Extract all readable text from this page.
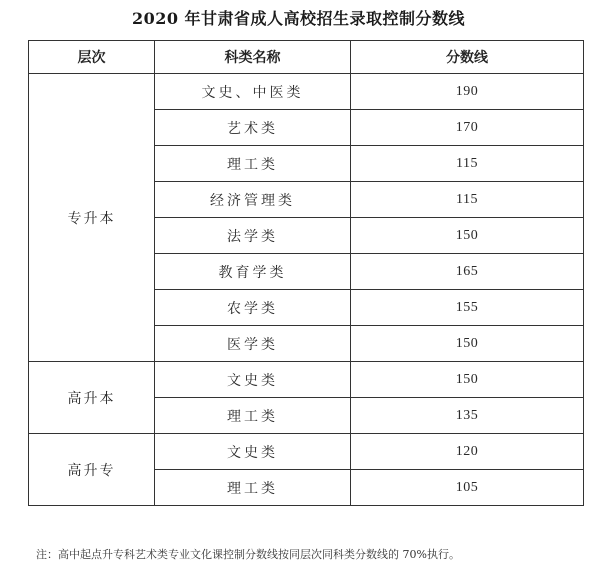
2020 年甘肃省成人高校招生录取控制分数线
层次	科类名称	分数线
专升本	文史、中医类	190
	艺术类	170
	理工类	115
	经济管理类	115
	法学类	150
	教育学类	165
	农学类	155
	医学类	150
高升本	文史类	150
	理工类	135
高升专	文史类	120
	理工类	105
注：高中起点升专科艺术类专业文化课控制分数线按同层次同科类分数线的 70%执行。
